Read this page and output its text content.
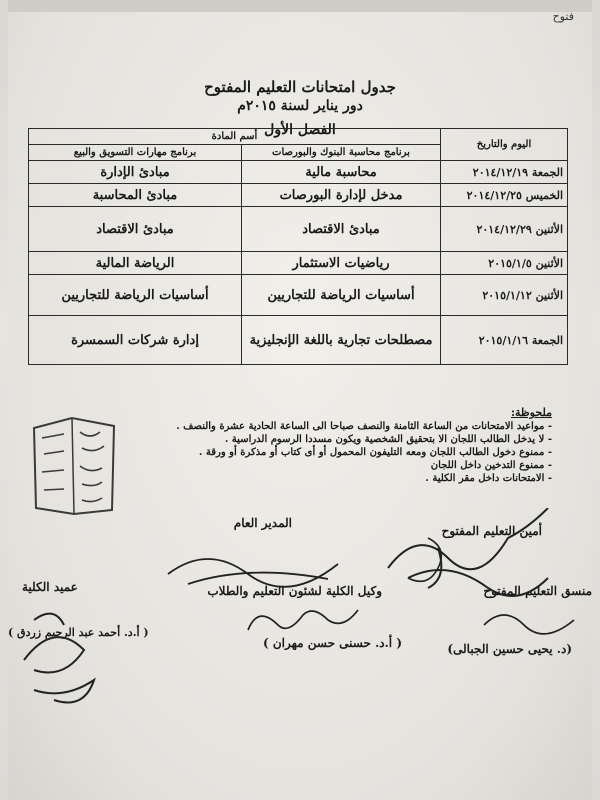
فتوح
جدول امتحانات التعليم المفتوح
دور يناير لسنة ٢٠١٥م
الفصل الأول
اليوم والتاريخ	أسم المادة	
	برنامج محاسبة البنوك والبورصات	برنامج مهارات التسويق والبيع
الجمعة ٢٠١٤/١٢/١٩	محاسبة مالية	مبادئ الإدارة
الخميس ٢٠١٤/١٢/٢٥	مدخل لإدارة البورصات	مبادئ المحاسبة
الأثنين ٢٠١٤/١٢/٢٩	مبادئ الاقتصاد	مبادئ الاقتصاد
الأثنين ٢٠١٥/١/٥	رياضيات الاستثمار	الرياضة المالية
الأثنين ٢٠١٥/١/١٢	أساسيات الرياضة للتجاريين	أساسيات الرياضة للتجاريين
الجمعة ٢٠١٥/١/١٦	مصطلحات تجارية باللغة الإنجليزية	إدارة شركات السمسرة
ملحوظة:
- مواعيد الامتحانات من الساعة الثامنة والنصف صباحا الى الساعة الحادية عشرة والنصف .
- لا يدخل الطالب اللجان الا بتحقيق الشخصية ويكون مسددا الرسوم الدراسية .
- ممنوع دخول الطالب اللجان ومعه التليفون المحمول أو أى كتاب أو مذكرة أو ورقة .
- ممنوع التدخين داخل اللجان
- الامتحانات داخل مقر الكلية .
المدير العام
أمين التعليم المفتوح
منسق التعليم المفتوح
وكيل الكلية لشئون التعليم والطلاب
عميد الكلية
(د. يحيى حسين الجبالى)
( أ.د. حسنى حسن مهران )
( أ.د. أحمد عبد الرحيم زردق )
